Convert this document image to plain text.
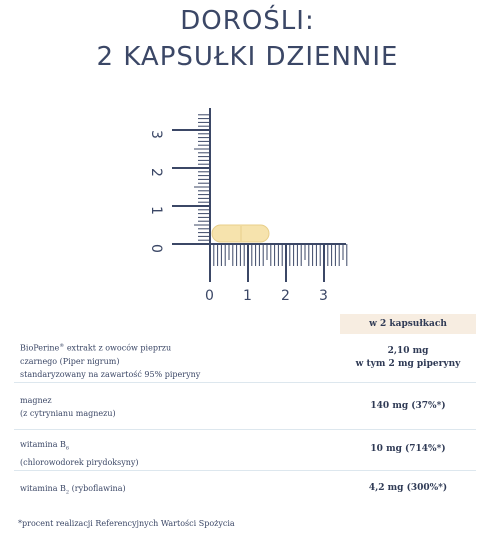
DOROŚLI:
2 KAPSUŁKI DZIENNIE
0
1
2
3
0 1 2 3
w 2 kapsułkach
BioPerine® extrakt z owoców pieprzu
czarnego (Piper nigrum)
standaryzowany na zawartość 95% piperyny
2,10 mg
w tym 2 mg piperyny
magnez
(z cytrynianu magnezu)
140 mg (37%*)
witamina $B_6$
(chlorowodorek pirydoksyny)
10 mg (714%*)
witamina $B_2$ (ryboflawina)	4,2 mg (300%*)
*procent realizacji Referencyjnych Wartości Spożycia
